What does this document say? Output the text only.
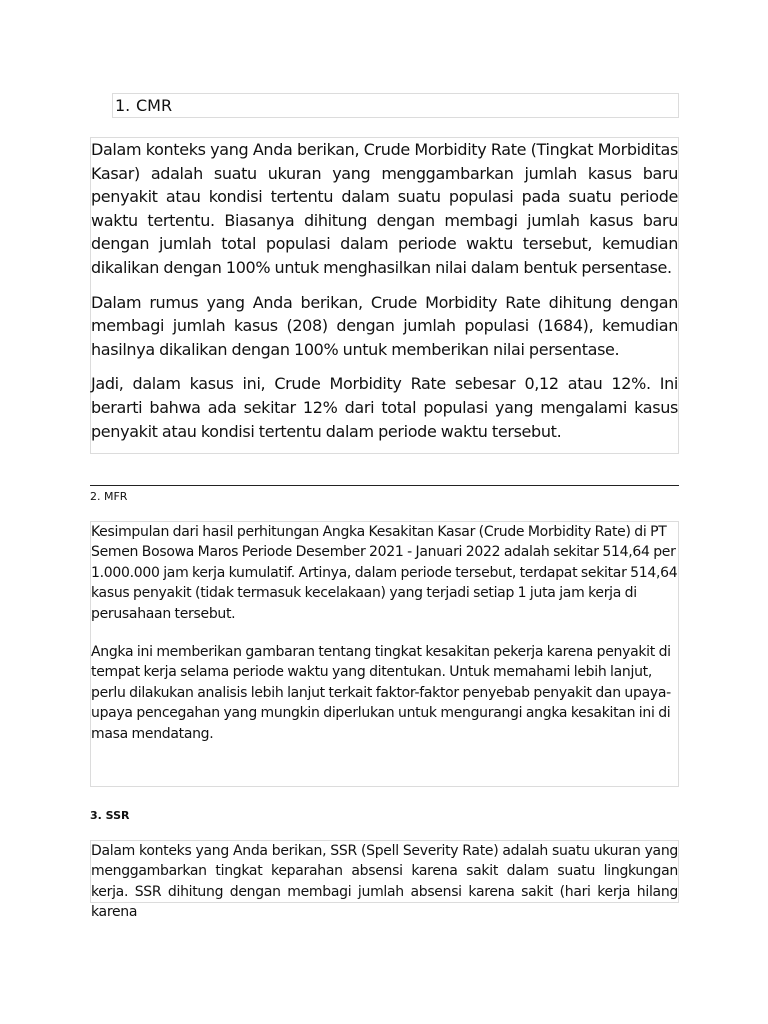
1. CMR

Dalam konteks yang Anda berikan, Crude Morbidity Rate (Tingkat Morbiditas Kasar) adalah suatu ukuran yang menggambarkan jumlah kasus baru penyakit atau kondisi tertentu dalam suatu populasi pada suatu periode waktu tertentu. Biasanya dihitung dengan membagi jumlah kasus baru dengan jumlah total populasi dalam periode waktu tersebut, kemudian dikalikan dengan 100% untuk menghasilkan nilai dalam bentuk persentase.

Dalam rumus yang Anda berikan, Crude Morbidity Rate dihitung dengan membagi jumlah kasus (208) dengan jumlah populasi (1684), kemudian hasilnya dikalikan dengan 100% untuk memberikan nilai persentase.

Jadi, dalam kasus ini, Crude Morbidity Rate sebesar 0,12 atau 12%. Ini berarti bahwa ada sekitar 12% dari total populasi yang mengalami kasus penyakit atau kondisi tertentu dalam periode waktu tersebut.

2. MFR

Kesimpulan dari hasil perhitungan Angka Kesakitan Kasar (Crude Morbidity Rate) di PT Semen Bosowa Maros Periode Desember 2021 - Januari 2022 adalah sekitar 514,64 per 1.000.000 jam kerja kumulatif. Artinya, dalam periode tersebut, terdapat sekitar 514,64 kasus penyakit (tidak termasuk kecelakaan) yang terjadi setiap 1 juta jam kerja di perusahaan tersebut.

Angka ini memberikan gambaran tentang tingkat kesakitan pekerja karena penyakit di tempat kerja selama periode waktu yang ditentukan. Untuk memahami lebih lanjut, perlu dilakukan analisis lebih lanjut terkait faktor-faktor penyebab penyakit dan upaya-upaya pencegahan yang mungkin diperlukan untuk mengurangi angka kesakitan ini di masa mendatang.

3. SSR

Dalam konteks yang Anda berikan, SSR (Spell Severity Rate) adalah suatu ukuran yang menggambarkan tingkat keparahan absensi karena sakit dalam suatu lingkungan kerja. SSR dihitung dengan membagi jumlah absensi karena sakit (hari kerja hilang karena
